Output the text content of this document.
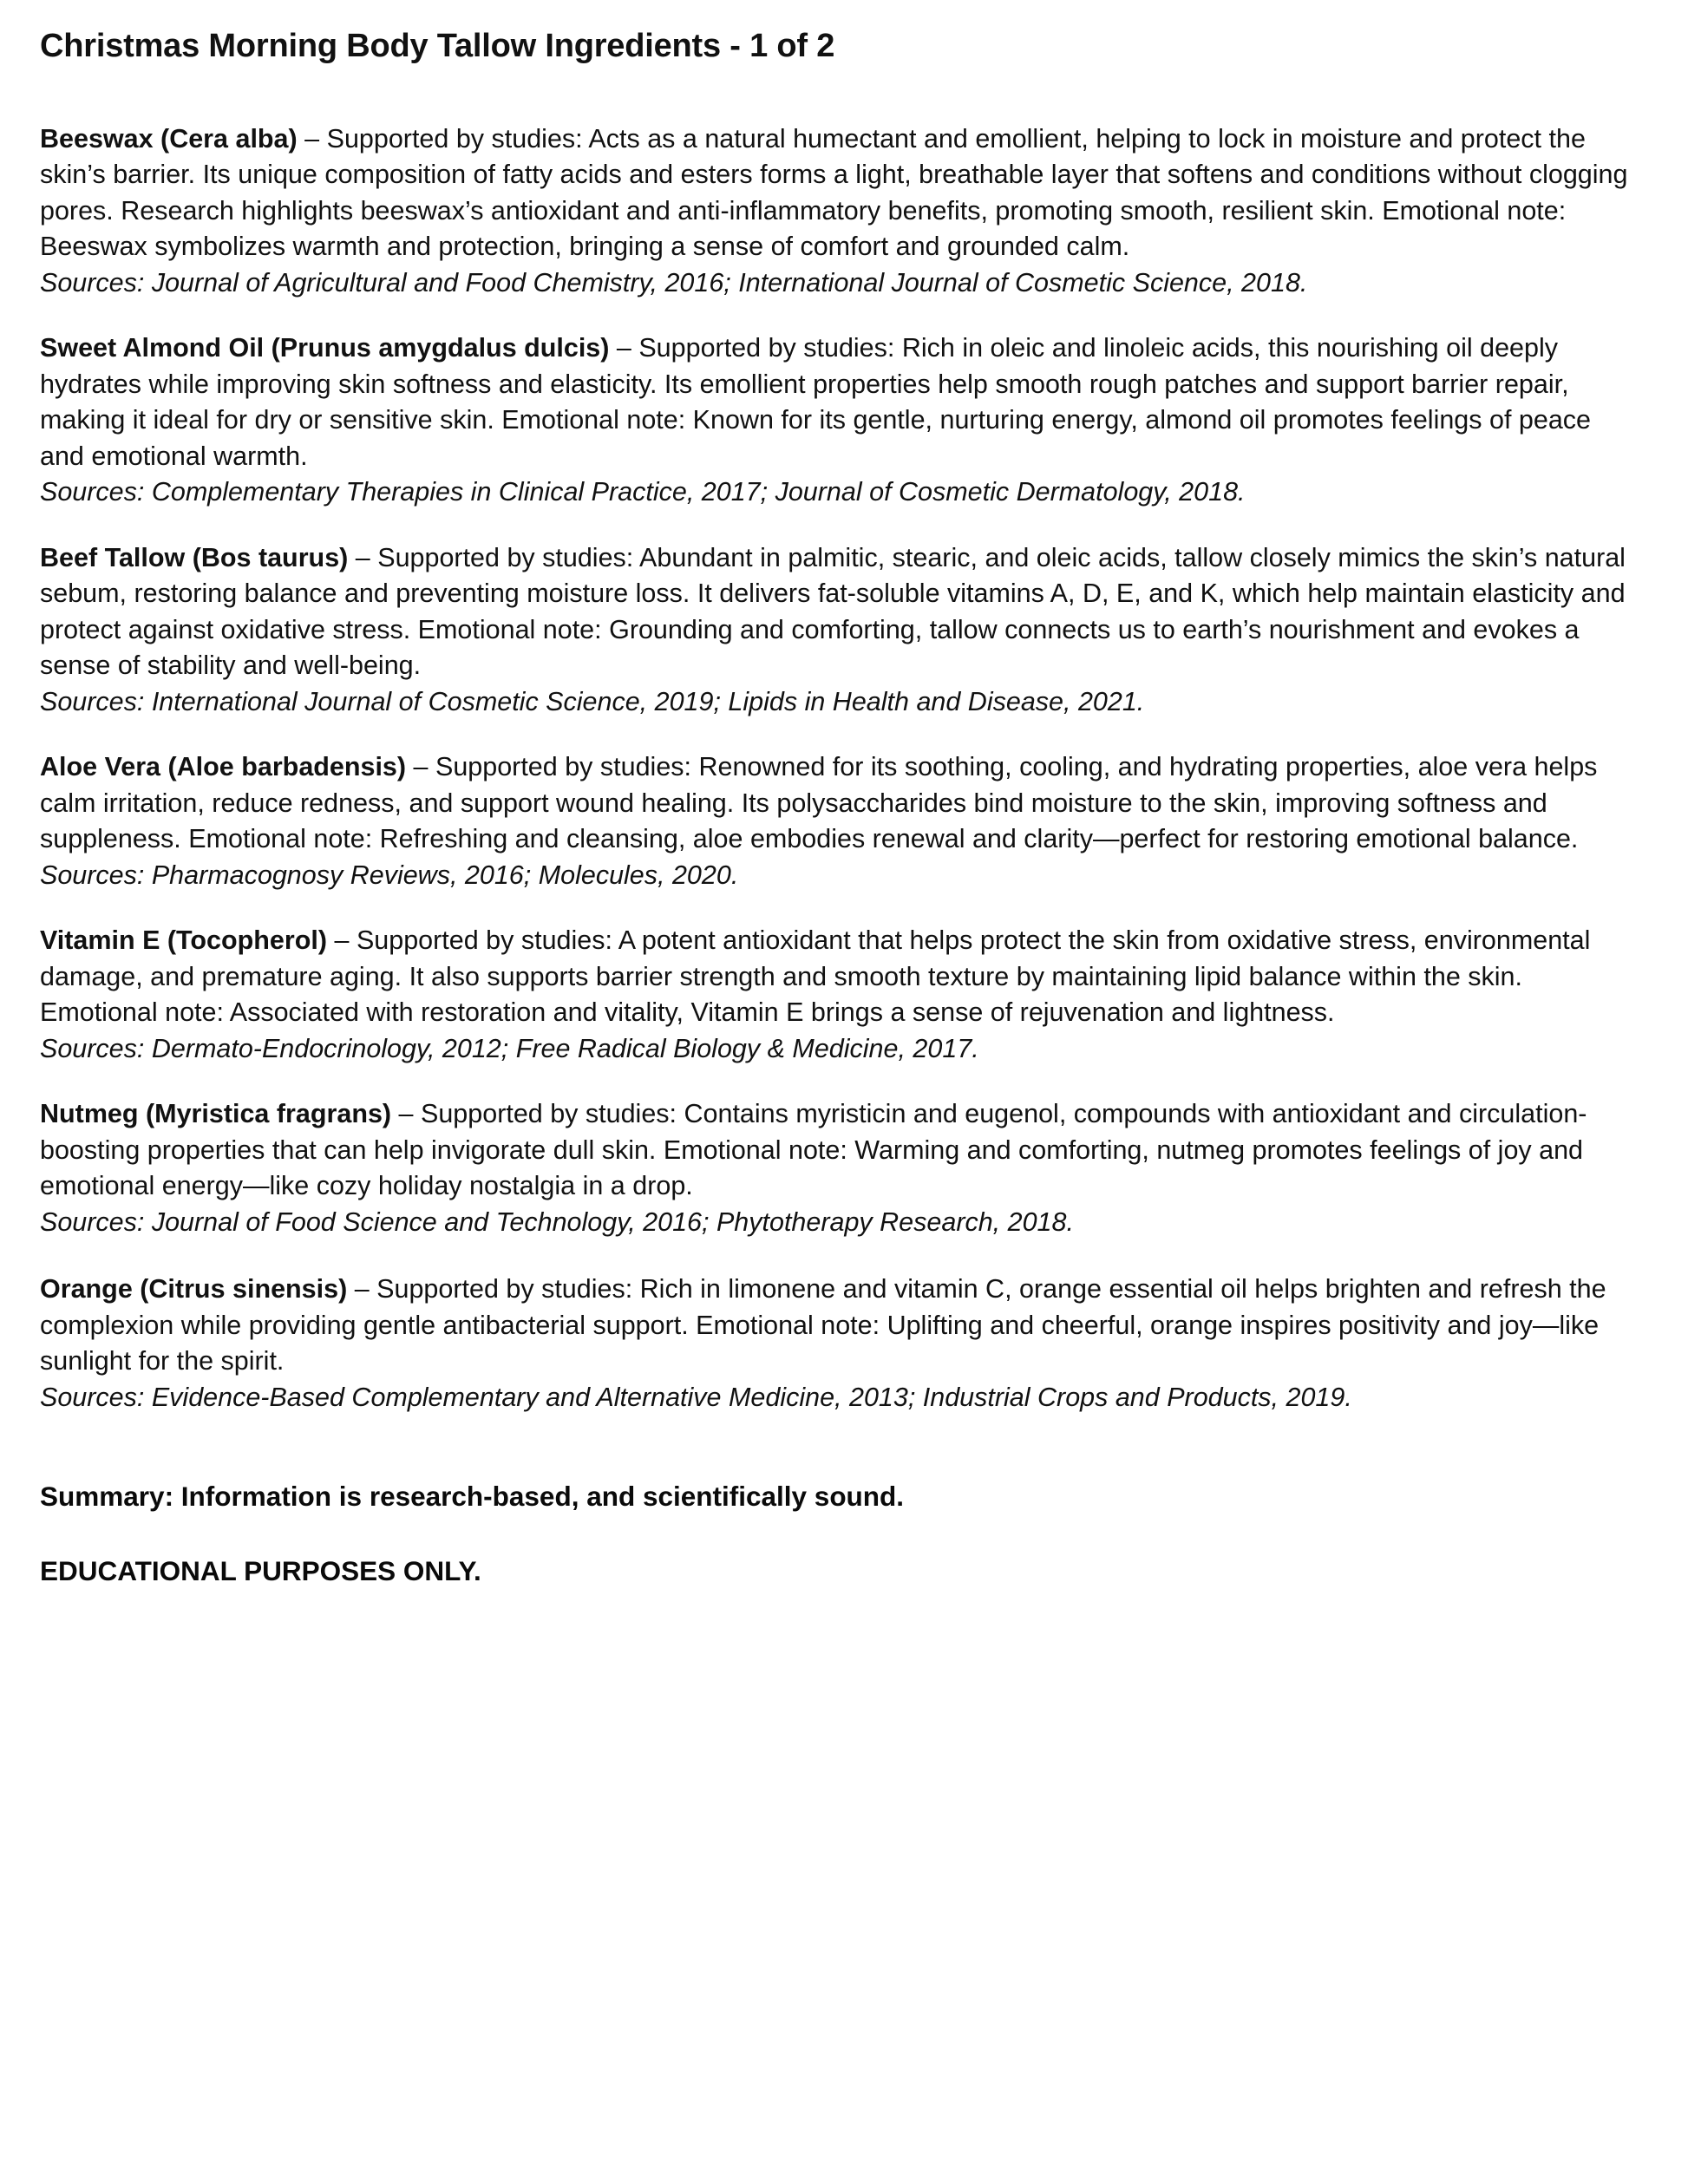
Christmas Morning Body Tallow Ingredients - 1 of 2

Beeswax (Cera alba) – Supported by studies: Acts as a natural humectant and emollient, helping to lock in moisture and protect the skin’s barrier. Its unique composition of fatty acids and esters forms a light, breathable layer that softens and conditions without clogging pores. Research highlights beeswax’s antioxidant and anti-inflammatory benefits, promoting smooth, resilient skin. Emotional note: Beeswax symbolizes warmth and protection, bringing a sense of comfort and grounded calm.

Sources: Journal of Agricultural and Food Chemistry, 2016; International Journal of Cosmetic Science, 2018.

Sweet Almond Oil (Prunus amygdalus dulcis) – Supported by studies: Rich in oleic and linoleic acids, this nourishing oil deeply hydrates while improving skin softness and elasticity. Its emollient properties help smooth rough patches and support barrier repair, making it ideal for dry or sensitive skin. Emotional note: Known for its gentle, nurturing energy, almond oil promotes feelings of peace and emotional warmth.

Sources: Complementary Therapies in Clinical Practice, 2017; Journal of Cosmetic Dermatology, 2018.

Beef Tallow (Bos taurus) – Supported by studies: Abundant in palmitic, stearic, and oleic acids, tallow closely mimics the skin’s natural sebum, restoring balance and preventing moisture loss. It delivers fat-soluble vitamins A, D, E, and K, which help maintain elasticity and protect against oxidative stress. Emotional note: Grounding and comforting, tallow connects us to earth’s nourishment and evokes a sense of stability and well-being.

Sources: International Journal of Cosmetic Science, 2019; Lipids in Health and Disease, 2021.

Aloe Vera (Aloe barbadensis) – Supported by studies: Renowned for its soothing, cooling, and hydrating properties, aloe vera helps calm irritation, reduce redness, and support wound healing. Its polysaccharides bind moisture to the skin, improving softness and suppleness. Emotional note: Refreshing and cleansing, aloe embodies renewal and clarity—perfect for restoring emotional balance.

Sources: Pharmacognosy Reviews, 2016; Molecules, 2020.

Vitamin E (Tocopherol) – Supported by studies: A potent antioxidant that helps protect the skin from oxidative stress, environmental damage, and premature aging. It also supports barrier strength and smooth texture by maintaining lipid balance within the skin. Emotional note: Associated with restoration and vitality, Vitamin E brings a sense of rejuvenation and lightness.

Sources: Dermato-Endocrinology, 2012; Free Radical Biology & Medicine, 2017.

Nutmeg (Myristica fragrans) – Supported by studies: Contains myristicin and eugenol, compounds with antioxidant and circulation-boosting properties that can help invigorate dull skin. Emotional note: Warming and comforting, nutmeg promotes feelings of joy and emotional energy—like cozy holiday nostalgia in a drop.

Sources: Journal of Food Science and Technology, 2016; Phytotherapy Research, 2018.

Orange (Citrus sinensis) – Supported by studies: Rich in limonene and vitamin C, orange essential oil helps brighten and refresh the complexion while providing gentle antibacterial support. Emotional note: Uplifting and cheerful, orange inspires positivity and joy—like sunlight for the spirit.

Sources: Evidence-Based Complementary and Alternative Medicine, 2013; Industrial Crops and Products, 2019.

Summary: Information is research-based, and scientifically sound.

EDUCATIONAL PURPOSES ONLY.
